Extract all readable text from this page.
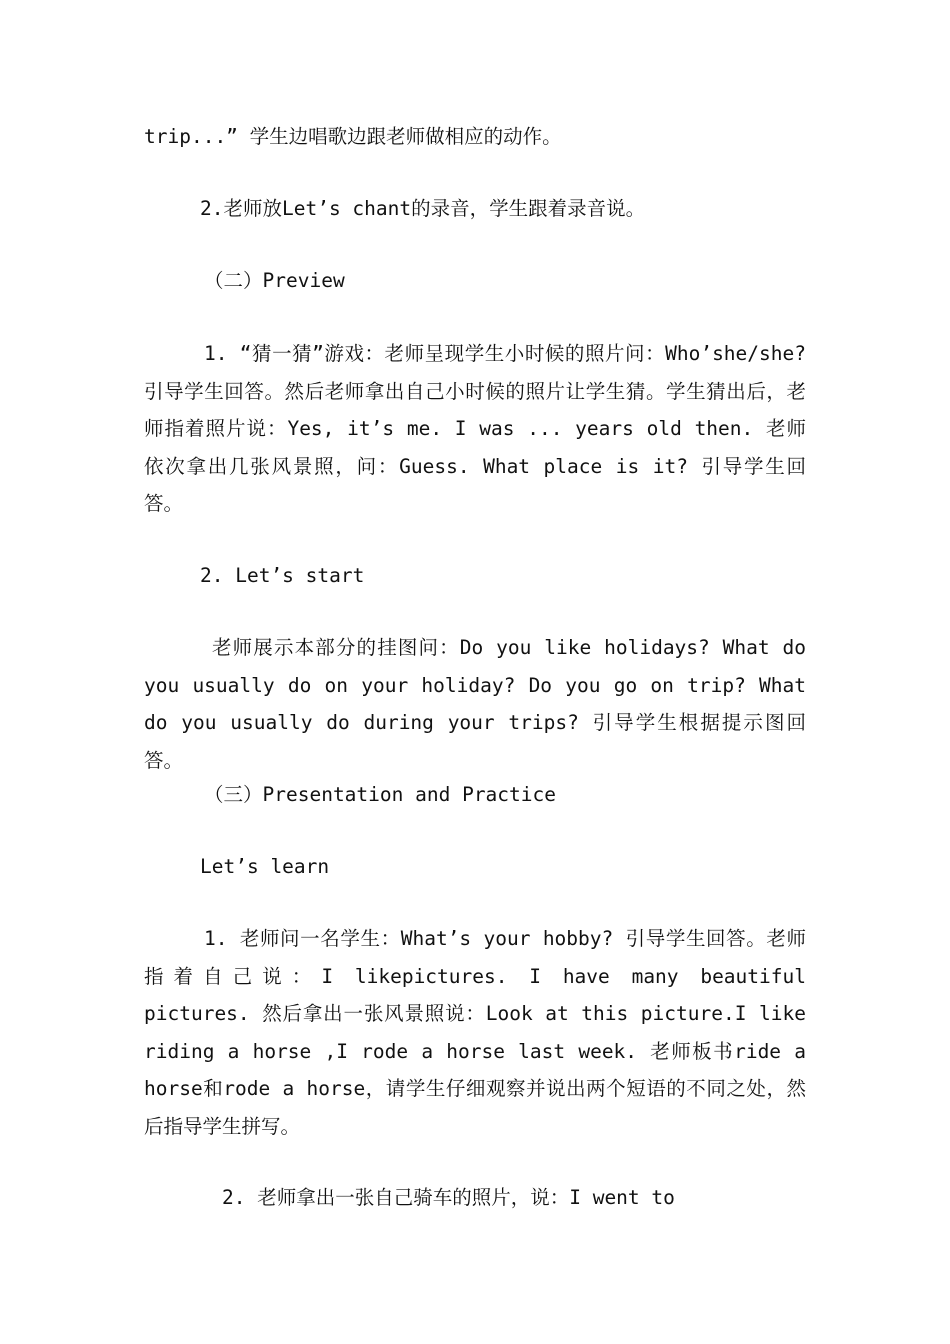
trip...” 学生边唱歌边跟老师做相应的动作。

2.老师放Let’s chant的录音，学生跟着录音说。

（二）Preview

1. “猜一猜”游戏：老师呈现学生小时候的照片问：Who’she/she? 引导学生回答。然后老师拿出自己小时候的照片让学生猜。学生猜出后，老师指着照片说：Yes, it’s me. I was ... years old then. 老师依次拿出几张风景照，问：Guess. What place is it? 引导学生回答。

2. Let’s start

老师展示本部分的挂图问：Do you like holidays? What do you usually do on your holiday? Do you go on trip? What do you usually do during your trips? 引导学生根据提示图回答。

（三）Presentation and Practice

Let’s learn

1. 老师问一名学生：What’s your hobby? 引导学生回答。老师指着自己说：I likepictures. I have many beautiful pictures. 然后拿出一张风景照说：Look at this picture.I like riding a horse ,I rode a horse last week. 老师板书ride a horse和rode a horse，请学生仔细观察并说出两个短语的不同之处，然后指导学生拼写。

2. 老师拿出一张自己骑车的照片，说：I went to
